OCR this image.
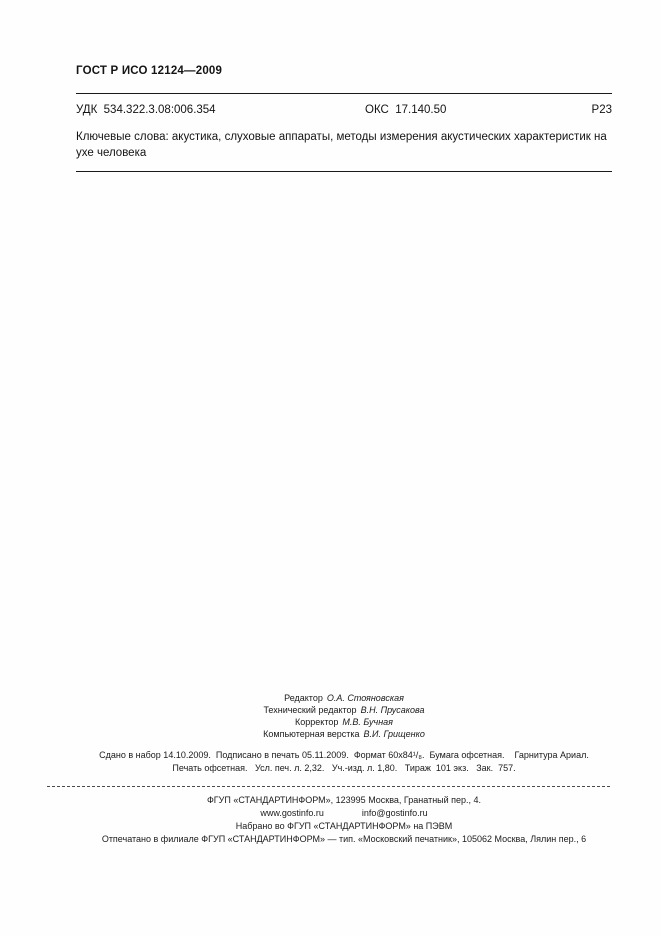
ГОСТ Р ИСО 12124—2009
УДК  534.322.3.08:006.354	ОКС  17.140.50	Р23
Ключевые слова: акустика, слуховые аппараты, методы измерения акустических характеристик на ухе человека
Редактор О.А. Стояновская
Технический редактор В.Н. Прусакова
Корректор М.В. Бучная
Компьютерная верстка В.И. Грищенко
Сдано в набор 14.10.2009.  Подписано в печать 05.11.2009.  Формат 60х84¹/₈.  Бумага офсетная.    Гарнитура Ариал.
Печать офсетная.   Усл. печ. л. 2,32.   Уч.-изд. л. 1,80.   Тираж  101 экз.   Зак.  757.
ФГУП «СТАНДАРТИНФОРМ», 123995 Москва, Гранатный пер., 4.
www.gostinfo.ru	info@gostinfo.ru
Набрано во ФГУП «СТАНДАРТИНФОРМ» на ПЭВМ
Отпечатано в филиале ФГУП «СТАНДАРТИНФОРМ» — тип. «Московский печатник», 105062 Москва, Лялин пер., 6
